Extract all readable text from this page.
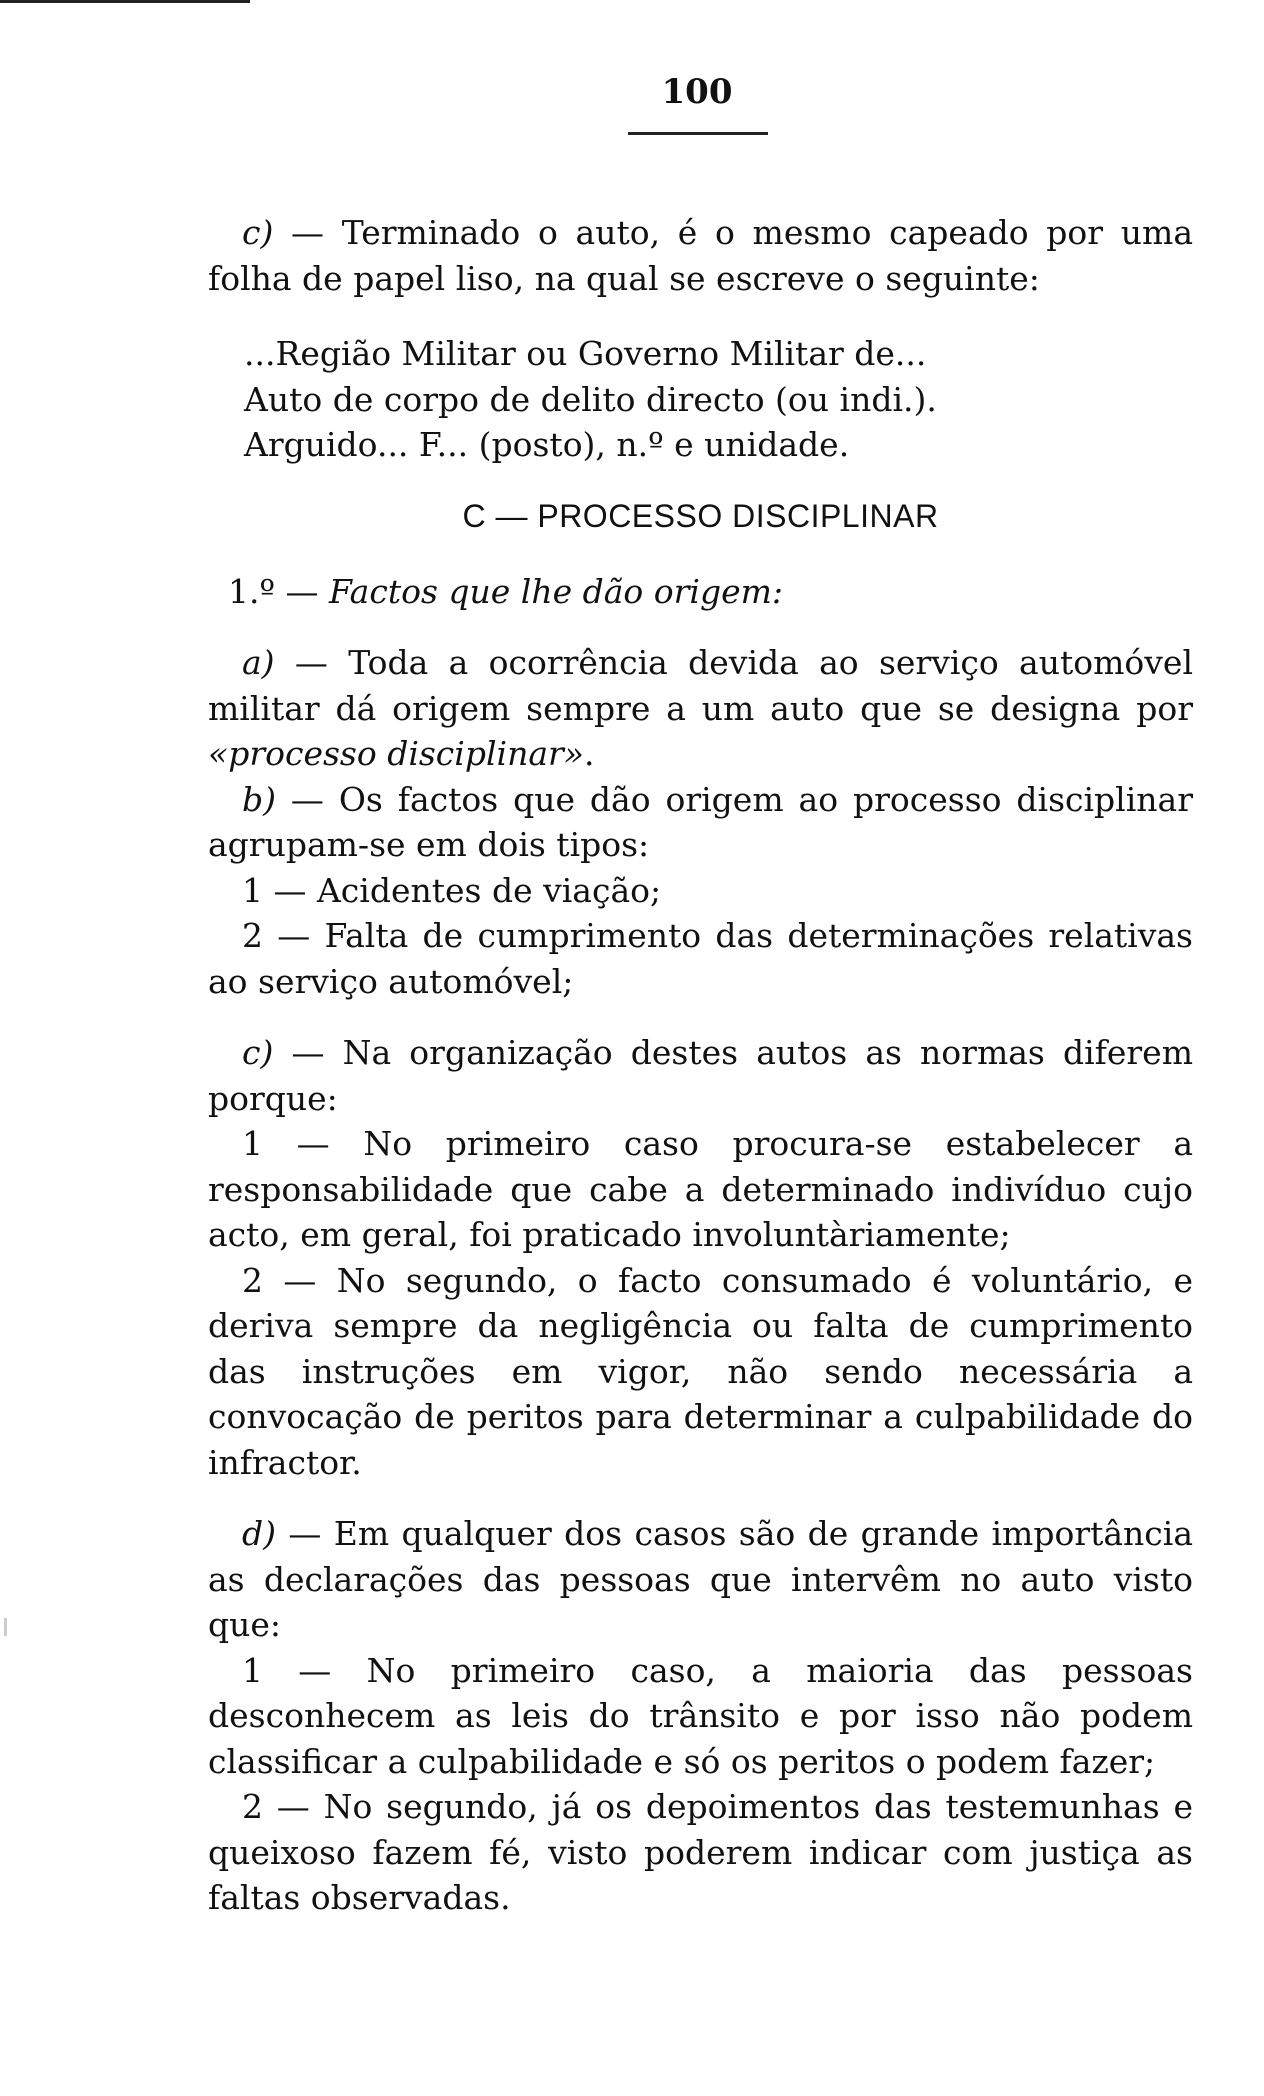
100

c) — Terminado o auto, é o mesmo capeado por uma folha de papel liso, na qual se escreve o seguinte:

...Região Militar ou Governo Militar de...
Auto de corpo de delito directo (ou indi.).
Arguido... F... (posto), n.º e unidade.
C — PROCESSO DISCIPLINAR
1.º — Factos que lhe dão origem:

a) — Toda a ocorrência devida ao serviço automóvel militar dá origem sempre a um auto que se designa por «processo disciplinar».

b) — Os factos que dão origem ao processo disciplinar agrupam-se em dois tipos:

1 — Acidentes de viação;

2 — Falta de cumprimento das determinações relativas ao serviço automóvel;

c) — Na organização destes autos as normas diferem porque:

1 — No primeiro caso procura-se estabelecer a responsabilidade que cabe a determinado indivíduo cujo acto, em geral, foi praticado involuntàriamente;

2 — No segundo, o facto consumado é voluntário, e deriva sempre da negligência ou falta de cumprimento das instruções em vigor, não sendo necessária a convocação de peritos para determinar a culpabilidade do infractor.

d) — Em qualquer dos casos são de grande importância as declarações das pessoas que intervêm no auto visto que:

1 — No primeiro caso, a maioria das pessoas desconhecem as leis do trânsito e por isso não podem classificar a culpabilidade e só os peritos o podem fazer;

2 — No segundo, já os depoimentos das testemunhas e queixoso fazem fé, visto poderem indicar com justiça as faltas observadas.
